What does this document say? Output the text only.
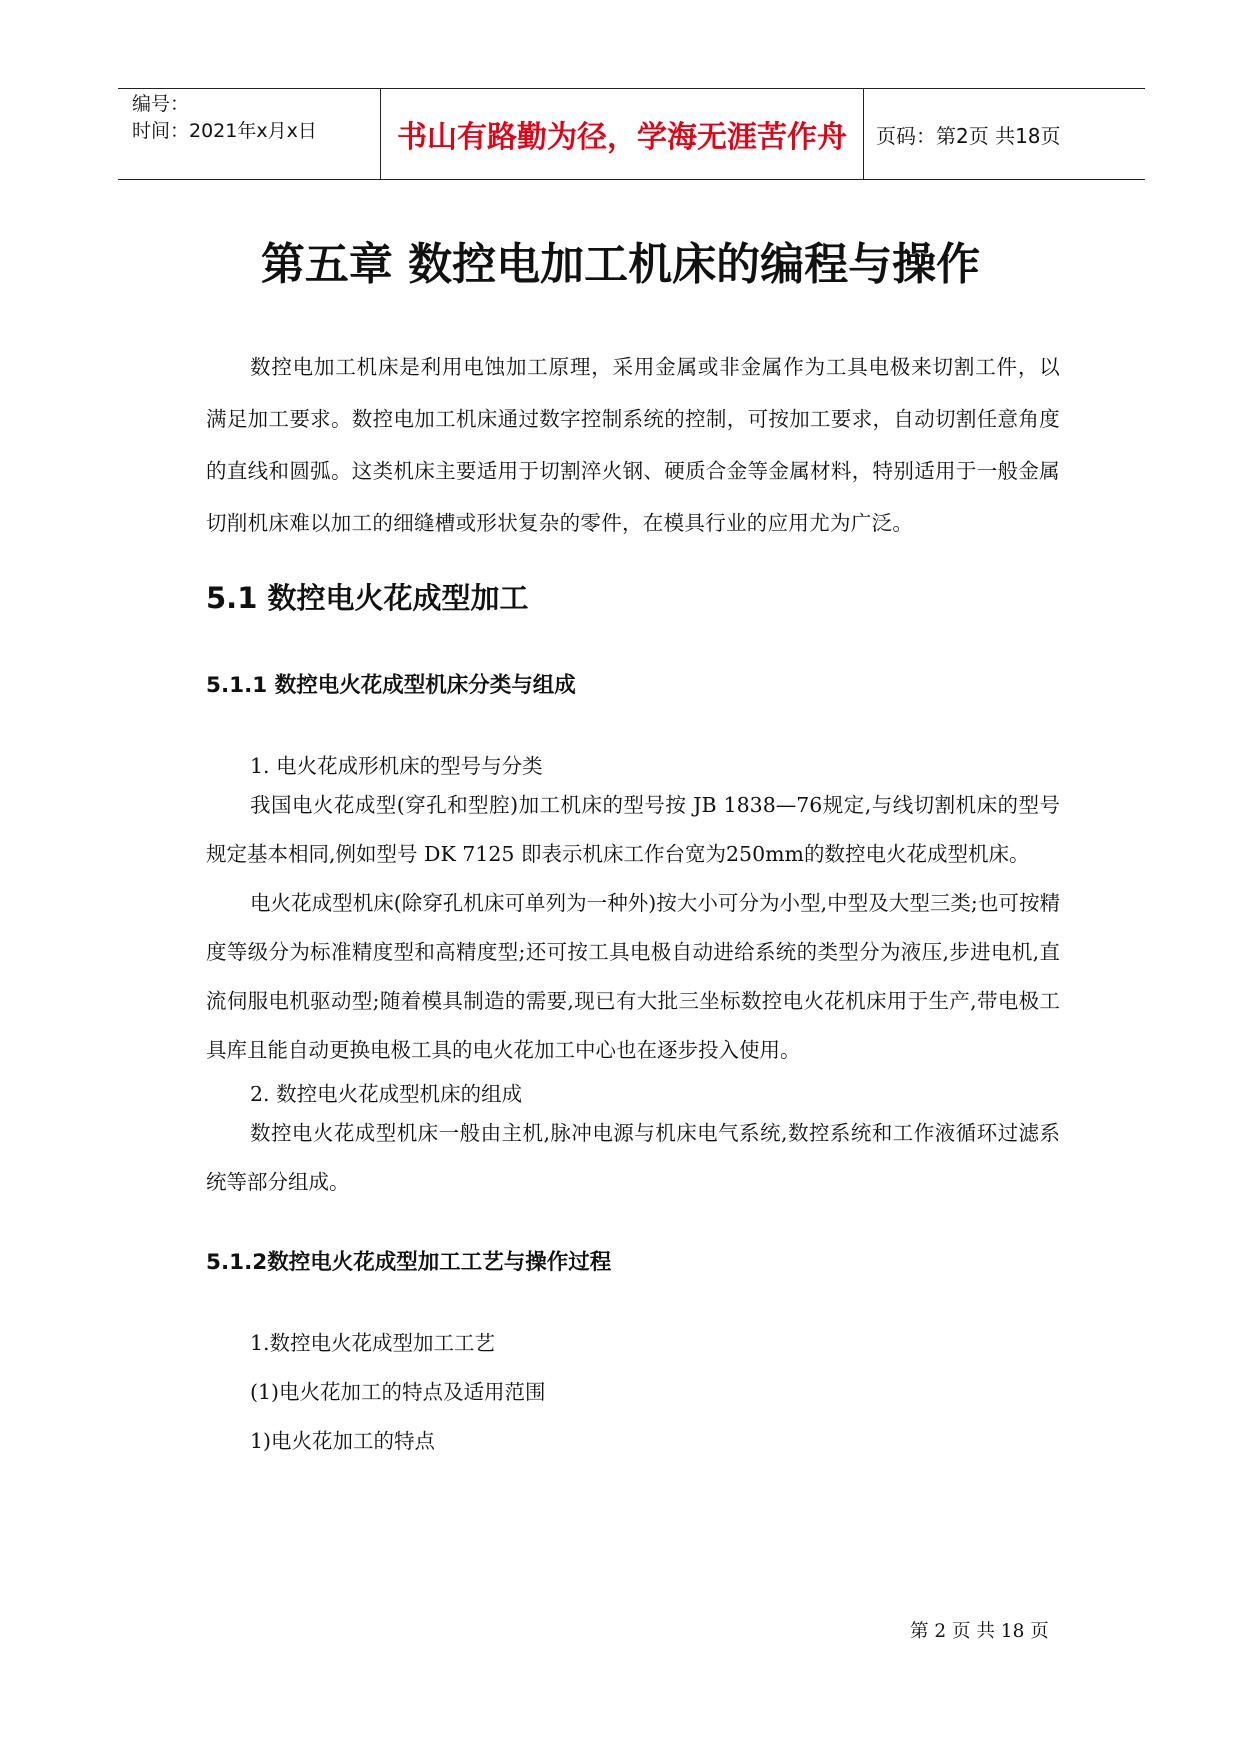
编号：
时间：2021年x月x日	书山有路勤为径，学海无涯苦作舟	页码：第2页 共18页
第五章 数控电加工机床的编程与操作

数控电加工机床是利用电蚀加工原理，采用金属或非金属作为工具电极来切割工件，以满足加工要求。数控电加工机床通过数字控制系统的控制，可按加工要求，自动切割任意角度的直线和圆弧。这类机床主要适用于切割淬火钢、硬质合金等金属材料，特别适用于一般金属切削机床难以加工的细缝槽或形状复杂的零件，在模具行业的应用尤为广泛。

5.1 数控电火花成型加工
5.1.1 数控电火花成型机床分类与组成

1. 电火花成形机床的型号与分类

我国电火花成型(穿孔和型腔)加工机床的型号按 JB 1838—76规定,与线切割机床的型号规定基本相同,例如型号 DK 7125 即表示机床工作台宽为250mm的数控电火花成型机床。

电火花成型机床(除穿孔机床可单列为一种外)按大小可分为小型,中型及大型三类;也可按精度等级分为标准精度型和高精度型;还可按工具电极自动进给系统的类型分为液压,步进电机,直流伺服电机驱动型;随着模具制造的需要,现已有大批三坐标数控电火花机床用于生产,带电极工具库且能自动更换电极工具的电火花加工中心也在逐步投入使用。

2. 数控电火花成型机床的组成

数控电火花成型机床一般由主机,脉冲电源与机床电气系统,数控系统和工作液循环过滤系统等部分组成。

5.1.2数控电火花成型加工工艺与操作过程

1.数控电火花成型加工工艺

(1)电火花加工的特点及适用范围

1)电火花加工的特点

第 2 页 共 18 页
